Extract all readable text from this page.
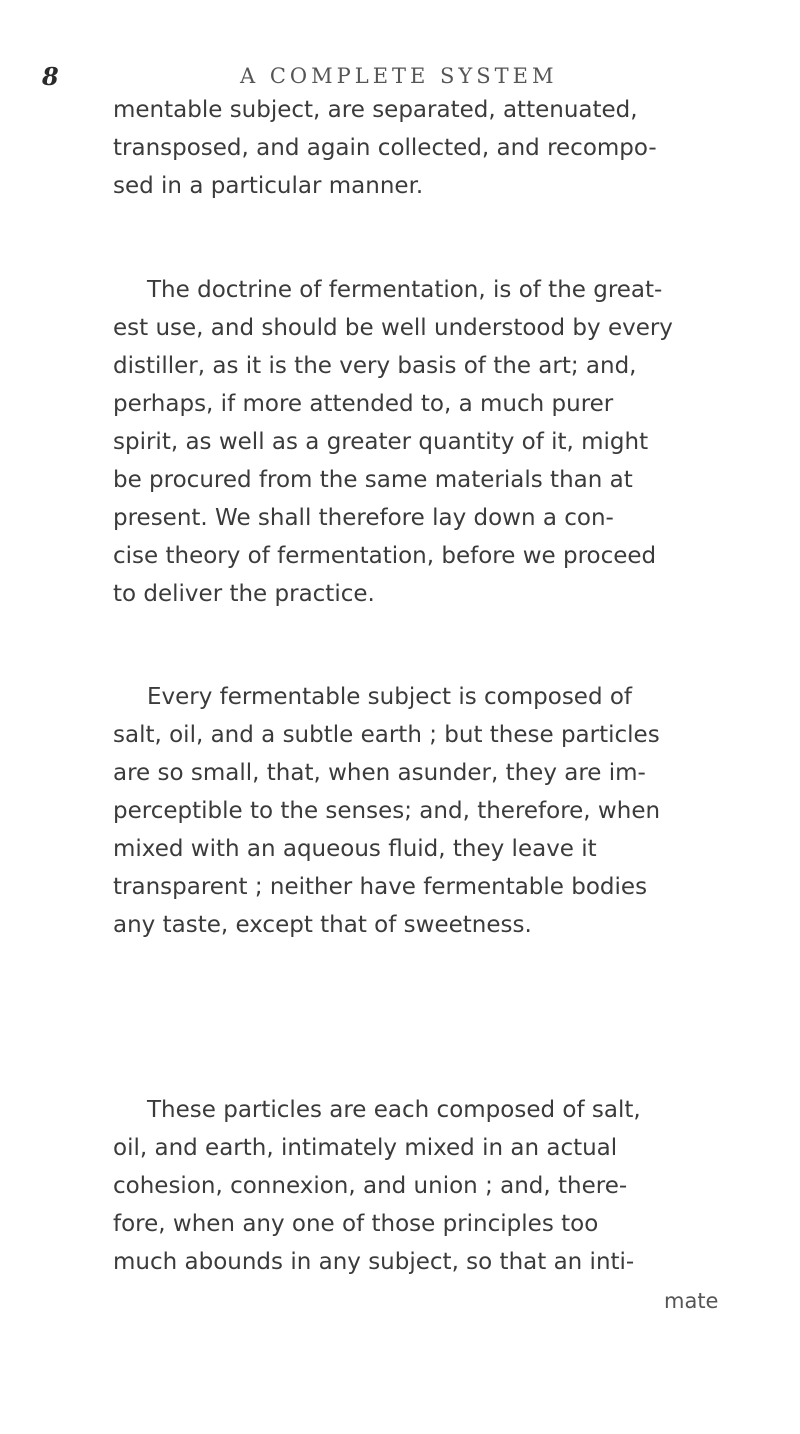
8	A COMPLETE SYSTEM
mentable subject, are separated, attenuated,
transposed, and again collected, and recompo-
sed in a particular manner.
The doctrine of fermentation, is of the great-
est use, and should be well understood by every
distiller, as it is the very basis of the art; and,
perhaps, if more attended to, a much purer
spirit, as well as a greater quantity of it, might
be procured from the same materials than at
present. We shall therefore lay down a con-
cise theory of fermentation, before we proceed
to deliver the practice.
Every fermentable subject is composed of
salt, oil, and a subtle earth ; but these particles
are so small, that, when asunder, they are im-
perceptible to the senses; and, therefore, when
mixed with an aqueous fluid, they leave it
transparent ; neither have fermentable bodies
any taste, except that of sweetness.
These particles are each composed of salt,
oil, and earth, intimately mixed in an actual
cohesion, connexion, and union ; and, there-
fore, when any one of those principles too
much abounds in any subject, so that an inti-
mate
